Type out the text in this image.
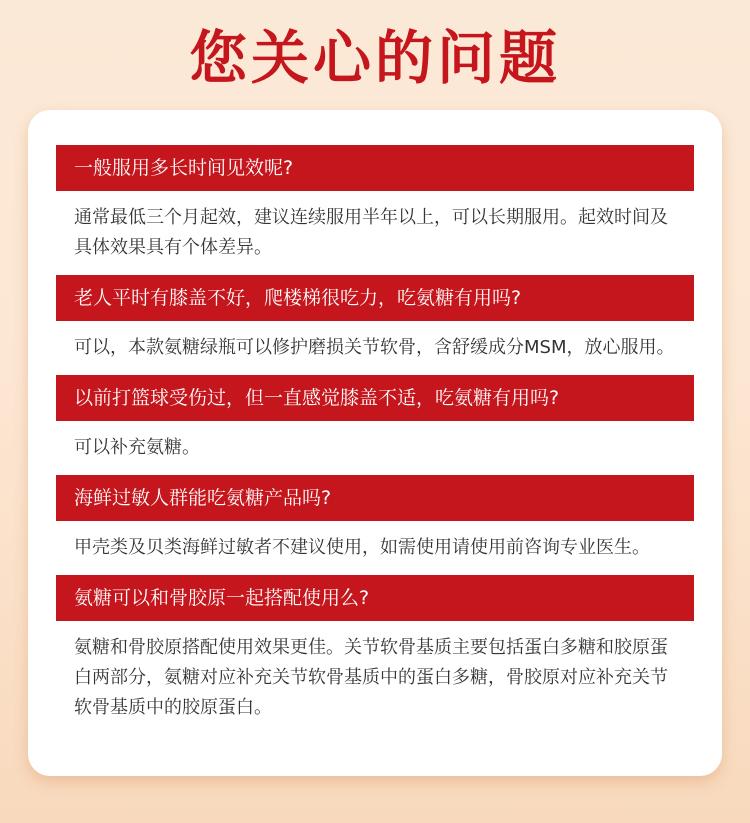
您关心的问题
一般服用多长时间见效呢?
通常最低三个月起效，建议连续服用半年以上，可以长期服用。起效时间及具体效果具有个体差异。
老人平时有膝盖不好，爬楼梯很吃力，吃氨糖有用吗?
可以，本款氨糖绿瓶可以修护磨损关节软骨，含舒缓成分MSM，放心服用。
以前打篮球受伤过，但一直感觉膝盖不适，吃氨糖有用吗?
可以补充氨糖。
海鲜过敏人群能吃氨糖产品吗?
甲壳类及贝类海鲜过敏者不建议使用，如需使用请使用前咨询专业医生。
氨糖可以和骨胶原一起搭配使用么?
氨糖和骨胶原搭配使用效果更佳。关节软骨基质主要包括蛋白多糖和胶原蛋白两部分，氨糖对应补充关节软骨基质中的蛋白多糖，骨胶原对应补充关节软骨基质中的胶原蛋白。
